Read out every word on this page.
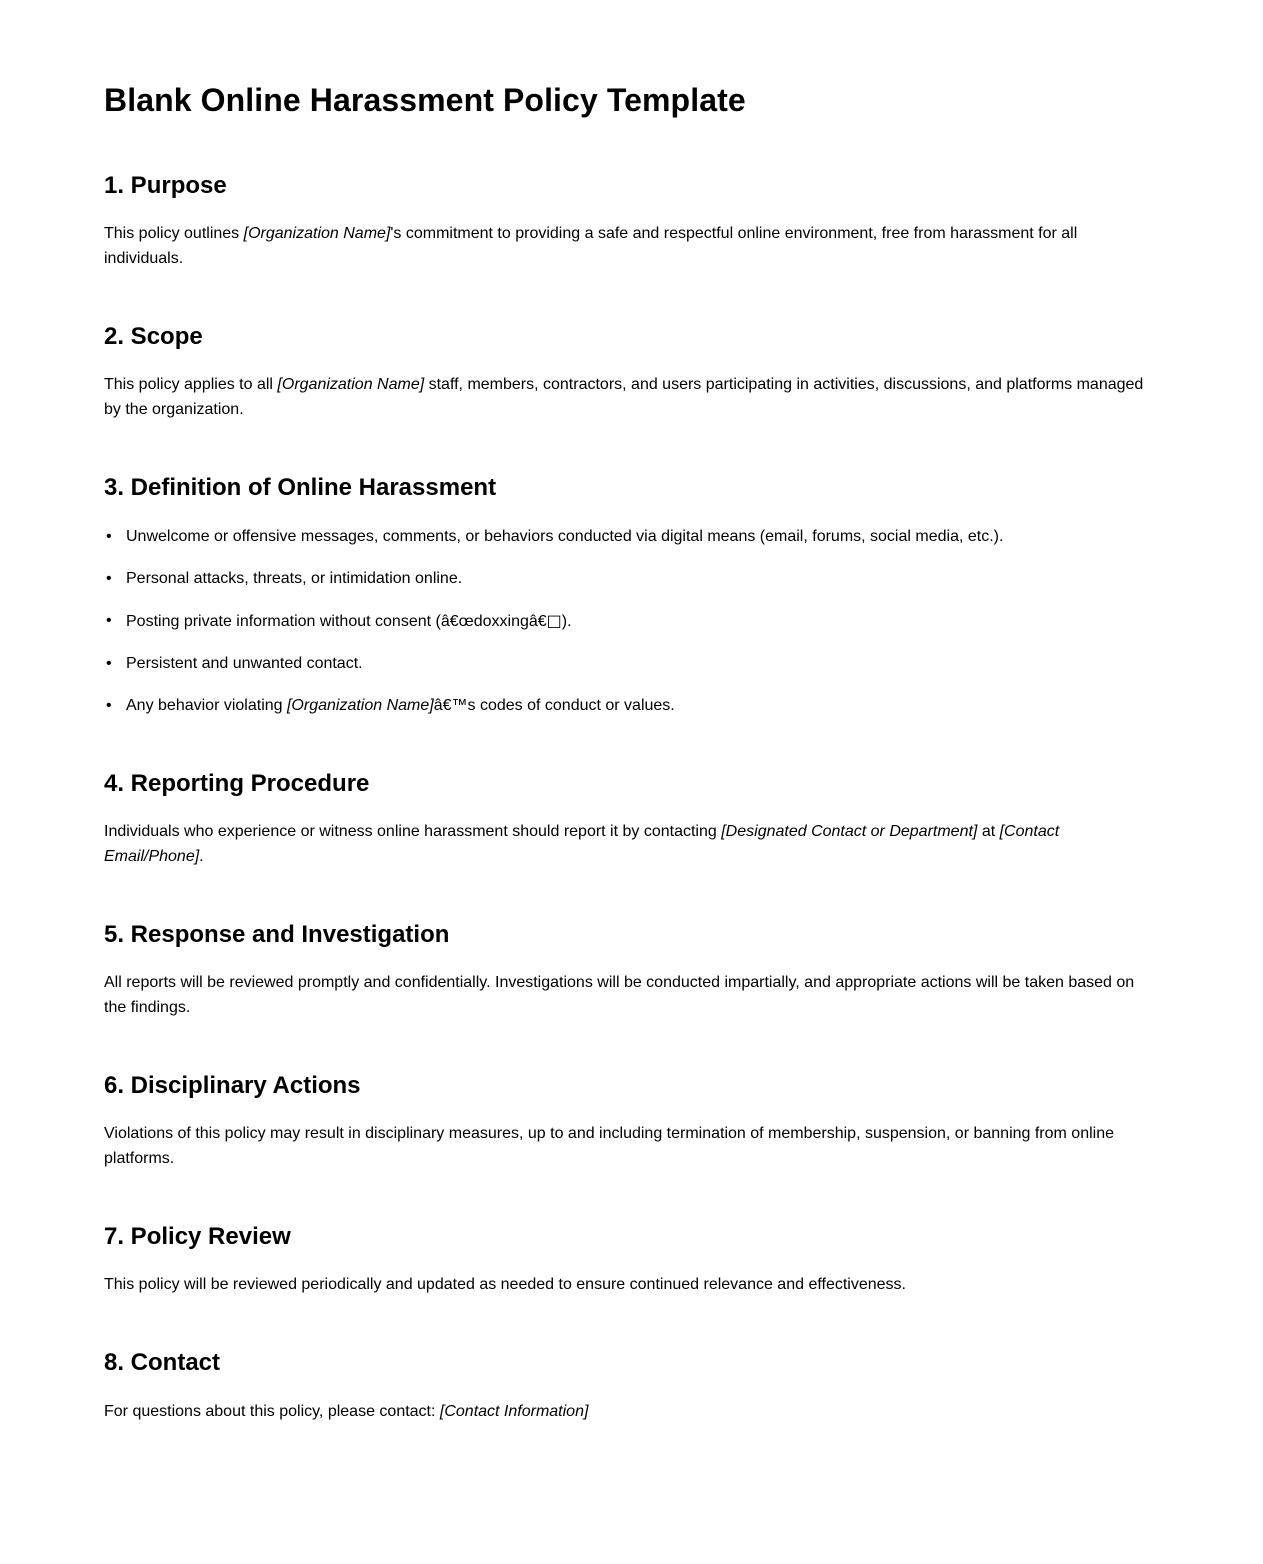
Blank Online Harassment Policy Template
1. Purpose

This policy outlines [Organization Name]'s commitment to providing a safe and respectful online environment, free from harassment for all individuals.

2. Scope

This policy applies to all [Organization Name] staff, members, contractors, and users participating in activities, discussions, and platforms managed by the organization.

3. Definition of Online Harassment
• Unwelcome or offensive messages, comments, or behaviors conducted via digital means (email, forums, social media, etc.).
• Personal attacks, threats, or intimidation online.
• Posting private information without consent (â€œdoxxingâ€□).
• Persistent and unwanted contact.
• Any behavior violating [Organization Name]â€™s codes of conduct or values.
4. Reporting Procedure

Individuals who experience or witness online harassment should report it by contacting [Designated Contact or Department] at [Contact Email/Phone].

5. Response and Investigation

All reports will be reviewed promptly and confidentially. Investigations will be conducted impartially, and appropriate actions will be taken based on the findings.

6. Disciplinary Actions

Violations of this policy may result in disciplinary measures, up to and including termination of membership, suspension, or banning from online platforms.

7. Policy Review

This policy will be reviewed periodically and updated as needed to ensure continued relevance and effectiveness.

8. Contact

For questions about this policy, please contact: [Contact Information]
